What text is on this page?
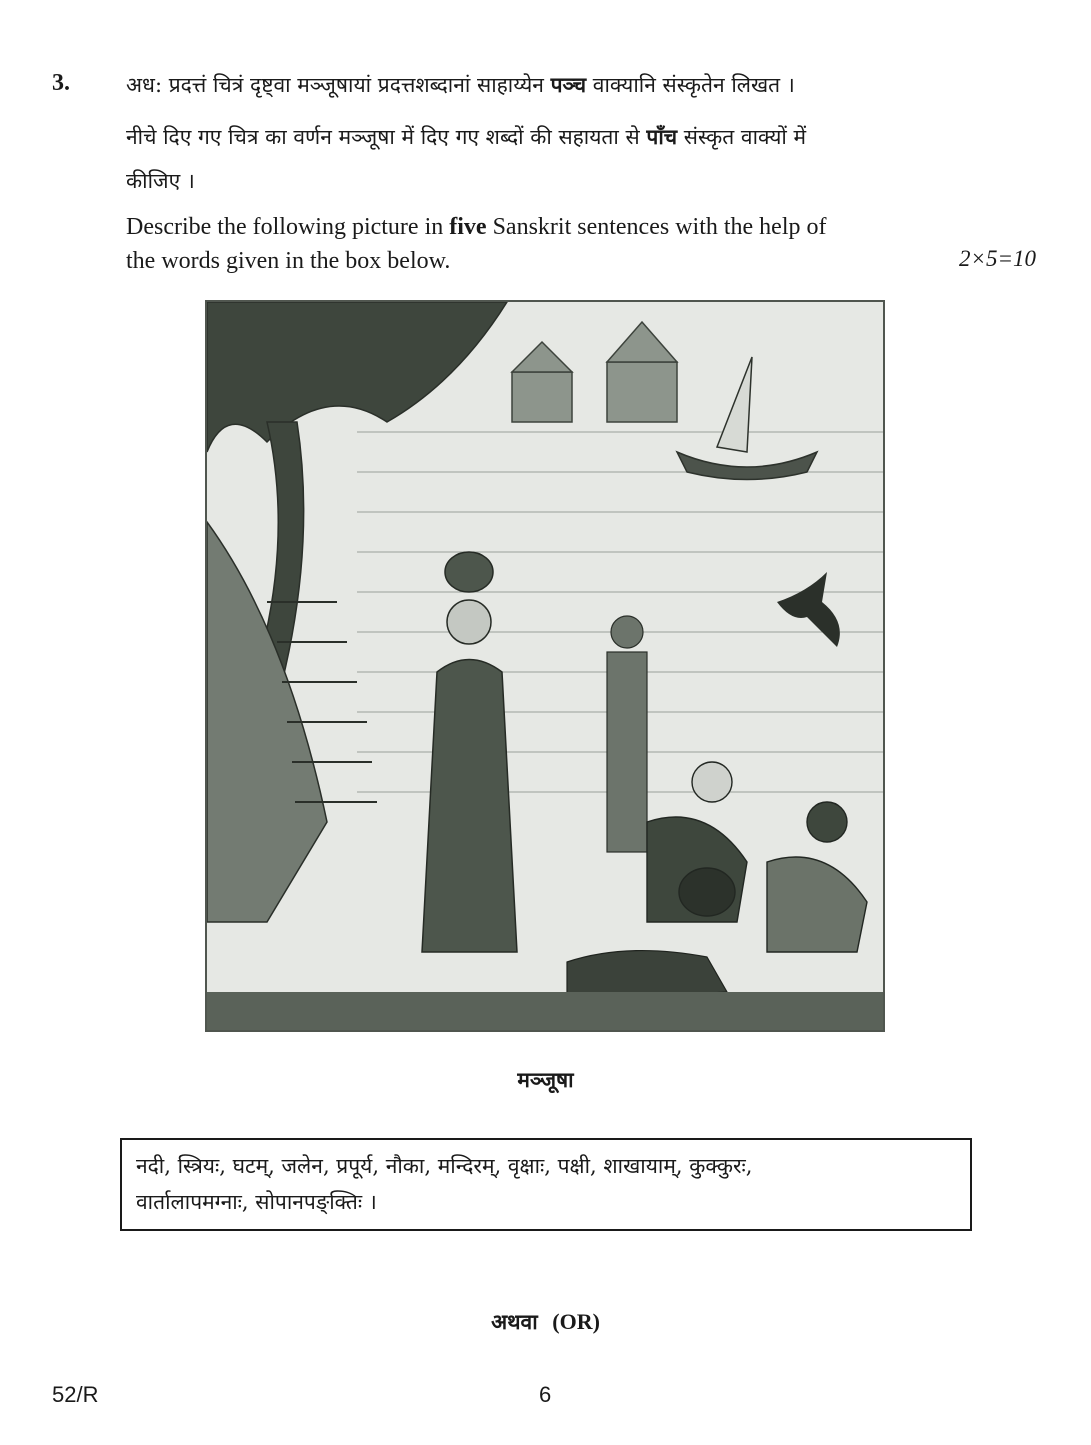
3.	अध: प्रदत्तं चित्रं दृष्ट्वा मञ्जूषायां प्रदत्तशब्दानां साहाय्येन पञ्च वाक्यानि संस्कृतेन लिखत ।
नीचे दिए गए चित्र का वर्णन मञ्जूषा में दिए गए शब्दों की सहायता से पाँच संस्कृत वाक्यों में
कीजिए ।
Describe the following picture in five Sanskrit sentences with the help of
the words given in the box below.	2×5=10
मञ्जूषा
नदी, स्त्रियः, घटम्, जलेन, प्रपूर्य, नौका, मन्दिरम्, वृक्षाः, पक्षी, शाखायाम्, कुक्कुरः,
वार्तालापमग्नाः, सोपानपङ्क्तिः ।
अथवा (OR)
52/R	6
